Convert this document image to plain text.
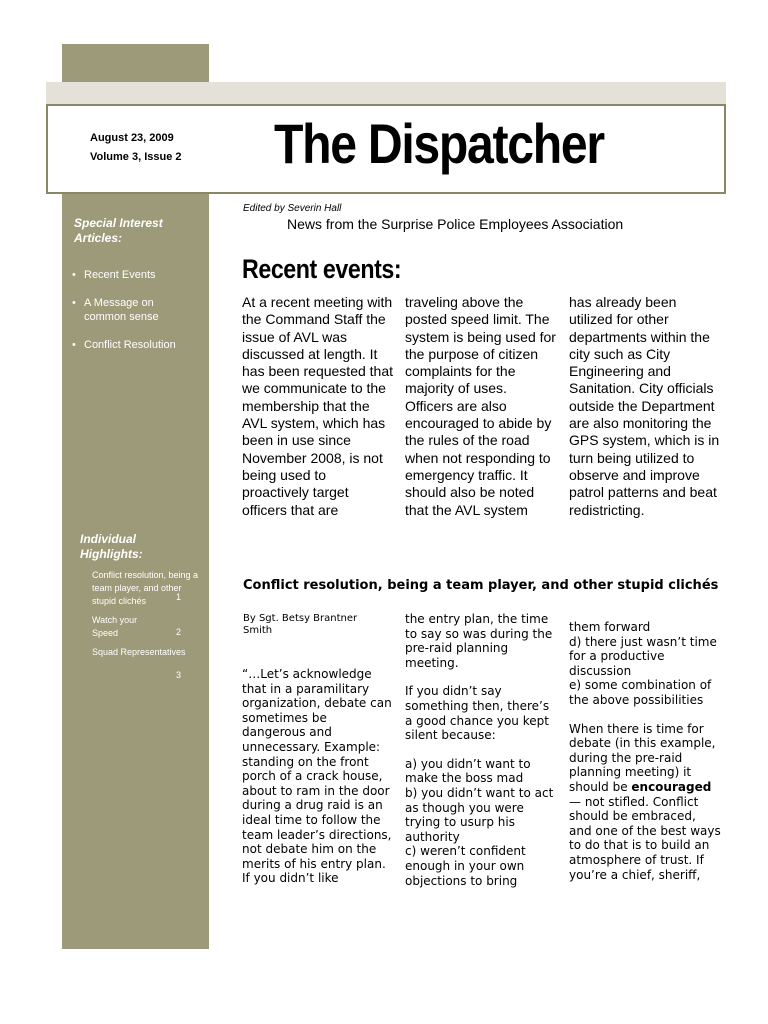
August 23, 2009
Volume 3, Issue 2 The Dispatcher
Special Interest Articles:
• Recent Events
• A Message on common sense
• Conflict Resolution
Individual Highlights:
Conflict resolution, being a team player, and other stupid clichés	1
Watch your Speed	2
Squad Representatives
3
Edited by Severin Hall
News from the Surprise Police Employees Association
Recent events:
At a recent meeting with the Command Staff the issue of AVL was discussed at length. It has been requested that we communicate to the membership that the AVL system, which has been in use since November 2008, is not being used to proactively target officers that are
traveling above the posted speed limit. The system is being used for the purpose of citizen complaints for the majority of uses. Officers are also encouraged to abide by the rules of the road when not responding to emergency traffic. It should also be noted that the AVL system
has already been utilized for other departments within the city such as City Engineering and Sanitation. City officials outside the Department are also monitoring the GPS system, which is in turn being utilized to observe and improve patrol patterns and beat redistricting.
Conflict resolution, being a team player, and other stupid clichés
By Sgt. Betsy Brantner Smith

“…Let’s acknowledge that in a paramilitary organization, debate can sometimes be dangerous and unnecessary. Example: standing on the front porch of a crack house, about to ram in the door during a drug raid is an ideal time to follow the team leader’s directions, not debate him on the merits of his entry plan. If you didn’t like

the entry plan, the time to say so was during the pre-raid planning meeting.

If you didn’t say something then, there’s a good chance you kept silent because:

a) you didn’t want to make the boss mad
b) you didn’t want to act as though you were trying to usurp his authority
c) weren’t confident enough in your own objections to bring

them forward
d) there just wasn’t time for a productive discussion
e) some combination of the above possibilities

When there is time for debate (in this example, during the pre-raid planning meeting) it should be encouraged — not stifled. Conflict should be embraced, and one of the best ways to do that is to build an atmosphere of trust. If you’re a chief, sheriff,
